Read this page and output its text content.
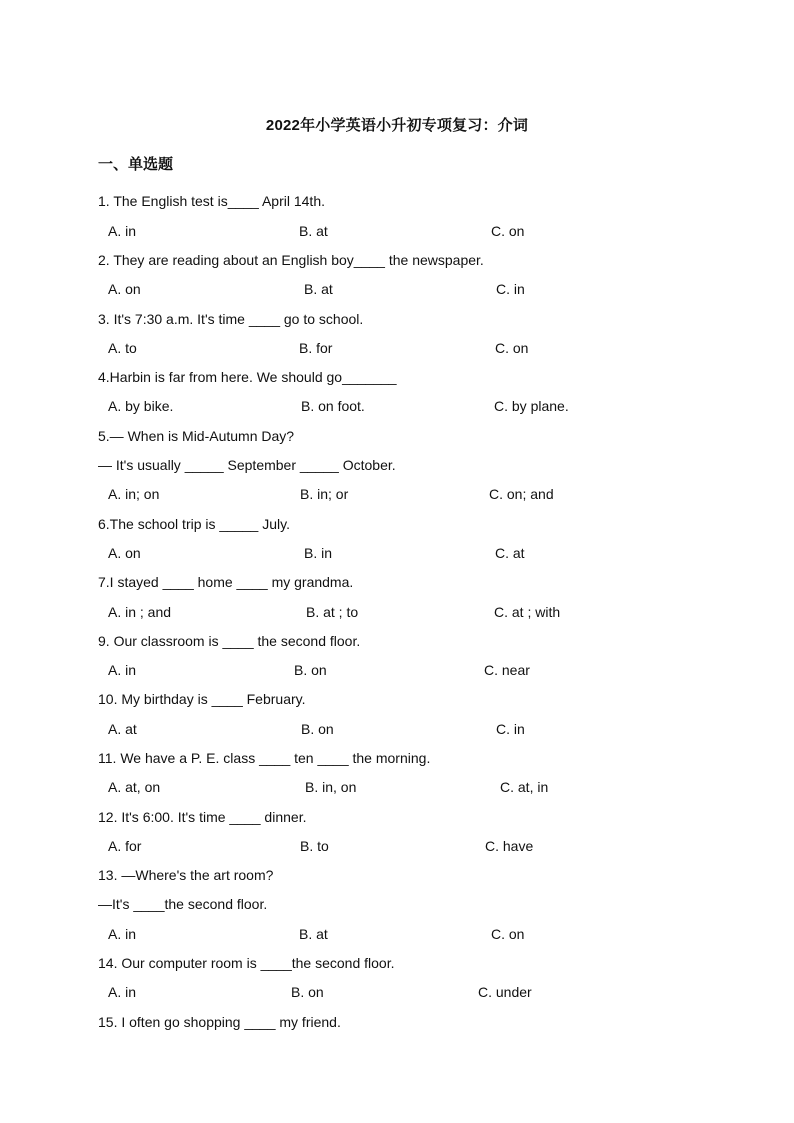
2022年小学英语小升初专项复习：介词
一、单选题
1. The English test is____ April 14th.
A. in	B. at	C. on
2. They are reading about an English boy____ the newspaper.
A. on	B. at	C. in
3. It's 7:30 a.m. It's time ____ go to school.
A. to	B. for	C. on
4.Harbin is far from here. We should go_______
A. by bike.	B. on foot.	C. by plane.
5.— When is Mid-Autumn Day?
— It's usually _____ September _____ October.
A. in; on	B. in; or	C. on; and
6.The school trip is _____ July.
A. on	B. in	C. at
7.I stayed ____ home ____ my grandma.
A. in ; and	B. at ; to	C. at ; with
9. Our classroom is ____ the second floor.
A. in	B. on	C. near
10. My birthday is ____ February.
A. at	B. on	C. in
11. We have a P. E. class ____ ten ____ the morning.
A. at, on	B. in, on	C. at, in
12. It's 6:00. It's time ____ dinner.
A. for	B. to	C. have
13. —Where's the art room?
—It's ____the second floor.
A. in	B. at	C. on
14. Our computer room is ____the second floor.
A. in	B. on	C. under
15. I often go shopping ____ my friend.
